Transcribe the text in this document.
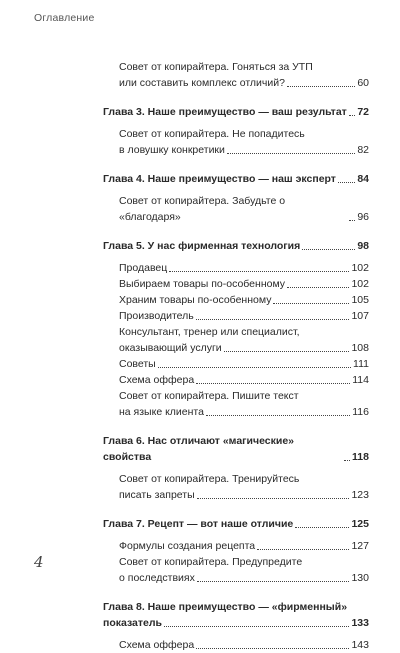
Оглавление
Совет от копирайтера. Гоняться за УТП
или составить комплекс отличий?	60
Глава 3. Наше преимущество — ваш результат 72
Совет от копирайтера. Не попадитесь
в ловушку конкретики	82
Глава 4. Наше преимущество — наш эксперт 84
Совет от копирайтера. Забудьте о «благодаря»	96
Глава 5. У нас фирменная технология	98
Продавец	102
Выбираем товары по-особенному	102
Храним товары по-особенному	105
Производитель	107
Консультант, тренер или специалист,
оказывающий услуги	108
Советы	111
Схема оффера	114
Совет от копирайтера. Пишите текст
на языке клиента	116
Глава 6. Нас отличают «магические» свойства	118
Совет от копирайтера. Тренируйтесь
писать запреты	123
Глава 7. Рецепт — вот наше отличие	125
Формулы создания рецепта	127
Совет от копирайтера. Предупредите
о последствиях	130
Глава 8. Наше преимущество — «фирменный»
показатель	133
Схема оффера	143
4
